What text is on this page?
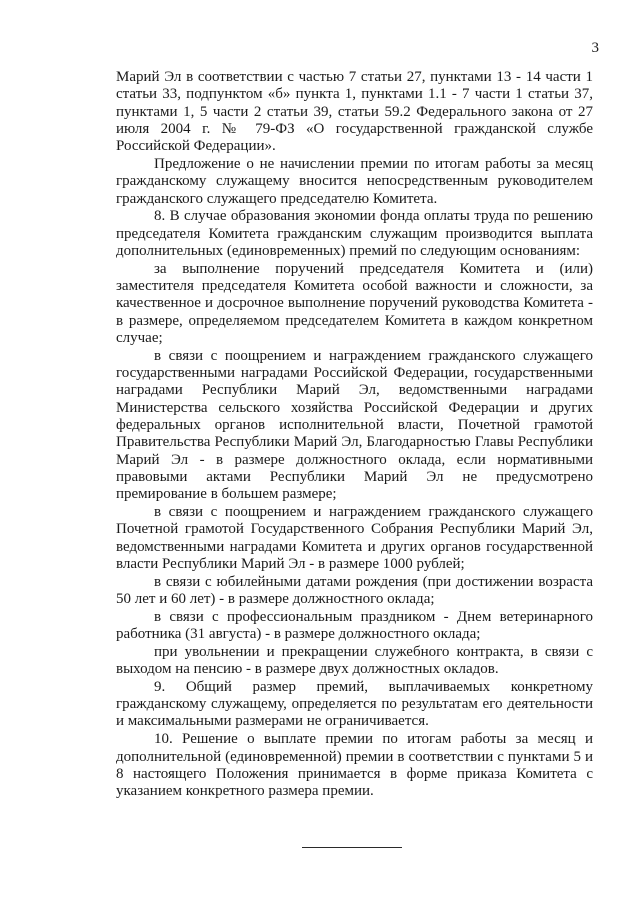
3

Марий Эл в соответствии с частью 7 статьи 27, пунктами 13 - 14 части 1 статьи 33, подпунктом «б» пункта 1, пунктами 1.1 - 7 части 1 статьи 37, пунктами 1, 5 части 2 статьи 39, статьи 59.2 Федерального закона от 27 июля 2004 г. № 79-ФЗ «О государственной гражданской службе Российской Федерации».

Предложение о не начислении премии по итогам работы за месяц гражданскому служащему вносится непосредственным руководителем гражданского служащего председателю Комитета.

8. В случае образования экономии фонда оплаты труда по решению председателя Комитета гражданским служащим производится выплата дополнительных (единовременных) премий по следующим основаниям:

за выполнение поручений председателя Комитета и (или) заместителя председателя Комитета особой важности и сложности, за качественное и досрочное выполнение поручений руководства Комитета - в размере, определяемом председателем Комитета в каждом конкретном случае;

в связи с поощрением и награждением гражданского служащего государственными наградами Российской Федерации, государственными наградами Республики Марий Эл, ведомственными наградами Министерства сельского хозяйства Российской Федерации и других федеральных органов исполнительной власти, Почетной грамотой Правительства Республики Марий Эл, Благодарностью Главы Республики Марий Эл - в размере должностного оклада, если нормативными правовыми актами Республики Марий Эл не предусмотрено премирование в большем размере;

в связи с поощрением и награждением гражданского служащего Почетной грамотой Государственного Собрания Республики Марий Эл, ведомственными наградами Комитета и других органов государственной власти Республики Марий Эл - в размере 1000 рублей;

в связи с юбилейными датами рождения (при достижении возраста 50 лет и 60 лет) - в размере должностного оклада;

в связи с профессиональным праздником - Днем ветеринарного работника (31 августа) - в размере должностного оклада;

при увольнении и прекращении служебного контракта, в связи с выходом на пенсию - в размере двух должностных окладов.

9. Общий размер премий, выплачиваемых конкретному гражданскому служащему, определяется по результатам его деятельности и максимальными размерами не ограничивается.

10. Решение о выплате премии по итогам работы за месяц и дополнительной (единовременной) премии в соответствии с пунктами 5 и 8 настоящего Положения принимается в форме приказа Комитета с указанием конкретного размера премии.
